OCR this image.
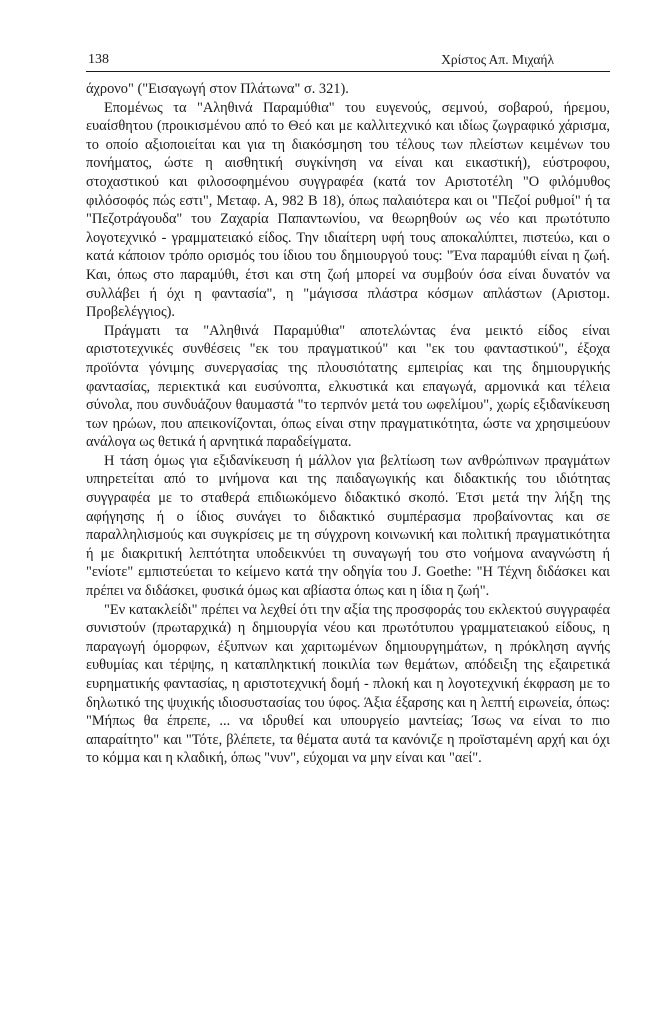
138	Χρίστος Απ. Μιχαήλ

άχρονο" ("Εισαγωγή στον Πλάτωνα" σ. 321).

Επομένως τα "Αληθινά Παραμύθια" του ευγενούς, σεμνού, σοβαρού, ήρεμου, ευαίσθητου (προικισμένου από το Θεό και με καλλιτεχνικό και ιδίως ζωγραφικό χάρισμα, το οποίο αξιοποιείται και για τη διακόσμηση του τέλους των πλείστων κειμένων του πονήματος, ώστε η αισθητική συγκίνηση να είναι και εικαστική), εύστροφου, στοχαστικού και φιλοσοφημένου συγγραφέα (κατά τον Αριστοτέλη "Ο φιλόμυθος φιλόσοφός πώς εστι", Μεταφ. Α, 982 Β 18), όπως παλαιότερα και οι "Πεζοί ρυθμοί" ή τα "Πεζοτράγουδα" του Ζαχαρία Παπαντωνίου, να θεωρηθούν ως νέο και πρωτότυπο λογοτεχνικό - γραμματειακό είδος. Την ιδιαίτερη υφή τους αποκαλύπτει, πιστεύω, και ο κατά κάποιον τρόπο ορισμός του ίδιου του δημιουργού τους: "Ένα παραμύθι είναι η ζωή. Και, όπως στο παραμύθι, έτσι και στη ζωή μπορεί να συμβούν όσα είναι δυνατόν να συλλάβει ή όχι η φαντασία", η "μάγισσα πλάστρα κόσμων απλάστων (Αριστομ. Προβελέγγιος).

Πράγματι τα "Αληθινά Παραμύθια" αποτελώντας ένα μεικτό είδος είναι αριστοτεχνικές συνθέσεις "εκ του πραγματικού" και "εκ του φανταστικού", έξοχα προϊόντα γόνιμης συνεργασίας της πλουσιότατης εμπειρίας και της δημιουργικής φαντασίας, περιεκτικά και ευσύνοπτα, ελκυστικά και επαγωγά, αρμονικά και τέλεια σύνολα, που συνδυάζουν θαυμαστά "το τερπνόν μετά του ωφελίμου", χωρίς εξιδανίκευση των ηρώων, που απεικονίζονται, όπως είναι στην πραγματικότητα, ώστε να χρησιμεύουν ανάλογα ως θετικά ή αρνητικά παραδείγματα.

Η τάση όμως για εξιδανίκευση ή μάλλον για βελτίωση των ανθρώπινων πραγμάτων υπηρετείται από το μνήμονα και της παιδαγωγικής και διδακτικής του ιδιότητας συγγραφέα με το σταθερά επιδιωκόμενο διδακτικό σκοπό. Έτσι μετά την λήξη της αφήγησης ή ο ίδιος συνάγει το διδακτικό συμπέρασμα προβαίνοντας και σε παραλληλισμούς και συγκρίσεις με τη σύγχρονη κοινωνική και πολιτική πραγματικότητα ή με διακριτική λεπτότητα υποδεικνύει τη συναγωγή του στο νοήμονα αναγνώστη ή "ενίοτε" εμπιστεύεται το κείμενο κατά την οδηγία του J. Goethe: "Η Τέχνη διδάσκει και πρέπει να διδάσκει, φυσικά όμως και αβίαστα όπως και η ίδια η ζωή".

"Εν κατακλείδι" πρέπει να λεχθεί ότι την αξία της προσφοράς του εκλεκτού συγγραφέα συνιστούν (πρωταρχικά) η δημιουργία νέου και πρωτότυπου γραμματειακού είδους, η παραγωγή όμορφων, έξυπνων και χαριτωμένων δημιουργημάτων, η πρόκληση αγνής ευθυμίας και τέρψης, η καταπληκτική ποικιλία των θεμάτων, απόδειξη της εξαιρετικά ευρηματικής φαντασίας, η αριστοτεχνική δομή - πλοκή και η λογοτεχνική έκφραση με το δηλωτικό της ψυχικής ιδιοσυστασίας του ύφος. Άξια έξαρσης και η λεπτή ειρωνεία, όπως: "Μήπως θα έπρεπε, ... να ιδρυθεί και υπουργείο μαντείας; Ίσως να είναι το πιο απαραίτητο" και "Τότε, βλέπετε, τα θέματα αυτά τα κανόνιζε η προϊσταμένη αρχή και όχι το κόμμα και η κλαδική, όπως "νυν", εύχομαι να μην είναι και "αεί".
